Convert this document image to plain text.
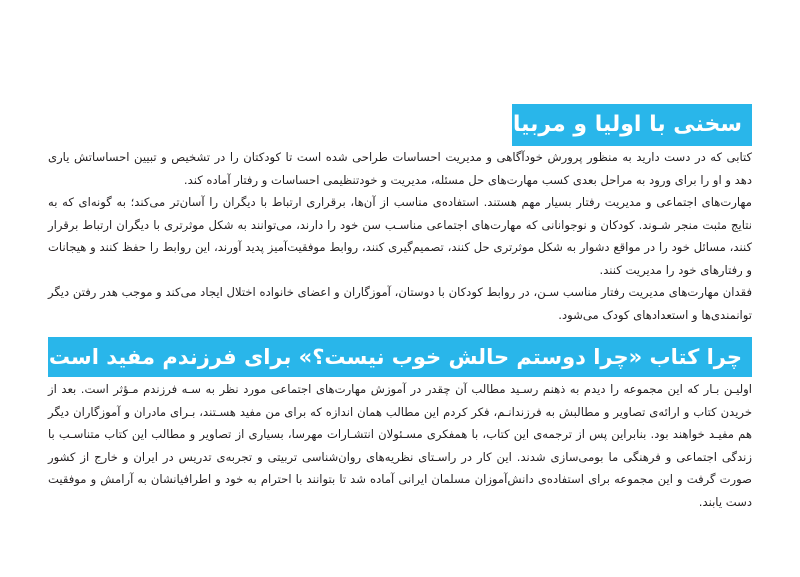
سخنی با اولیا و مربیان

کتابی که در دست دارید به منظور پرورش خودآگاهی و مدیریت احساسات طراحی شده است تا کودکتان را در تشخیص و تبیین احساساتش یاری دهد و او را برای ورود به مراحل بعدی کسب مهارت‌های حل مسئله، مدیریت و خودتنظیمی احساسات و رفتار آماده کند.

مهارت‌های اجتماعی و مدیریت رفتار بسیار مهم هستند. استفاده‌ی مناسب از آن‌ها، برقراری ارتباط با دیگران را آسان‌تر می‌کند؛ به گونه‌ای که به نتایج مثبت منجر شـوند. کودکان و نوجوانانی که مهارت‌های اجتماعی مناسـب سن خود را دارند، می‌توانند به شکل موثرتری با دیگران ارتباط برقرار کنند، مسائل خود را در مواقع دشوار به شکل موثرتری حل کنند، تصمیم‌گیری کنند، روابط موفقیت‌آمیز پدید آورند، این روابط را حفظ کنند و هیجانات و رفتارهای خود را مدیریت کنند.

فقدان مهارت‌های مدیریت رفتار مناسب سـن، در روابط کودکان با دوستان، آموزگاران و اعضای خانواده اختلال ایجاد می‌کند و موجب هدر رفتن دیگر توانمندی‌ها و استعدادهای کودک می‌شود.

چرا کتاب «چرا دوستم حالش خوب نیست؟» برای فرزندم مفید است؟

اولیـن بـار که این مجموعه را دیدم به ذهنم رسـید مطالب آن چقدر در آموزش مهارت‌های اجتماعی مورد نظر به سـه فرزندم مـؤثر است. بعد از خریدن کتاب و ارائه‌ی تصاویر و مطالبش به فرزندانـم، فکر کردم این مطالب همان اندازه که برای من مفید هسـتند، بـرای مادران و آموزگاران دیگر هم مفیـد خواهند بود. بنابراین پس از ترجمه‌ی این کتاب، با همفکری مسـئولان انتشـارات مهرسا، بسیاری از تصاویر و مطالب این کتاب متناسـب با زندگی اجتماعی و فرهنگی ما بومی‌سازی شدند. این کار در راسـتای نظریه‌های روان‌شناسی تربیتی و تجربه‌ی تدریس در ایران و خارج از کشور صورت گرفت و این مجموعه برای استفاده‌ی دانش‌آموزان مسلمان ایرانی آماده شد تا بتوانند با احترام به خود و اطرافیانشان به آرامش و موفقیت دست یابند.
